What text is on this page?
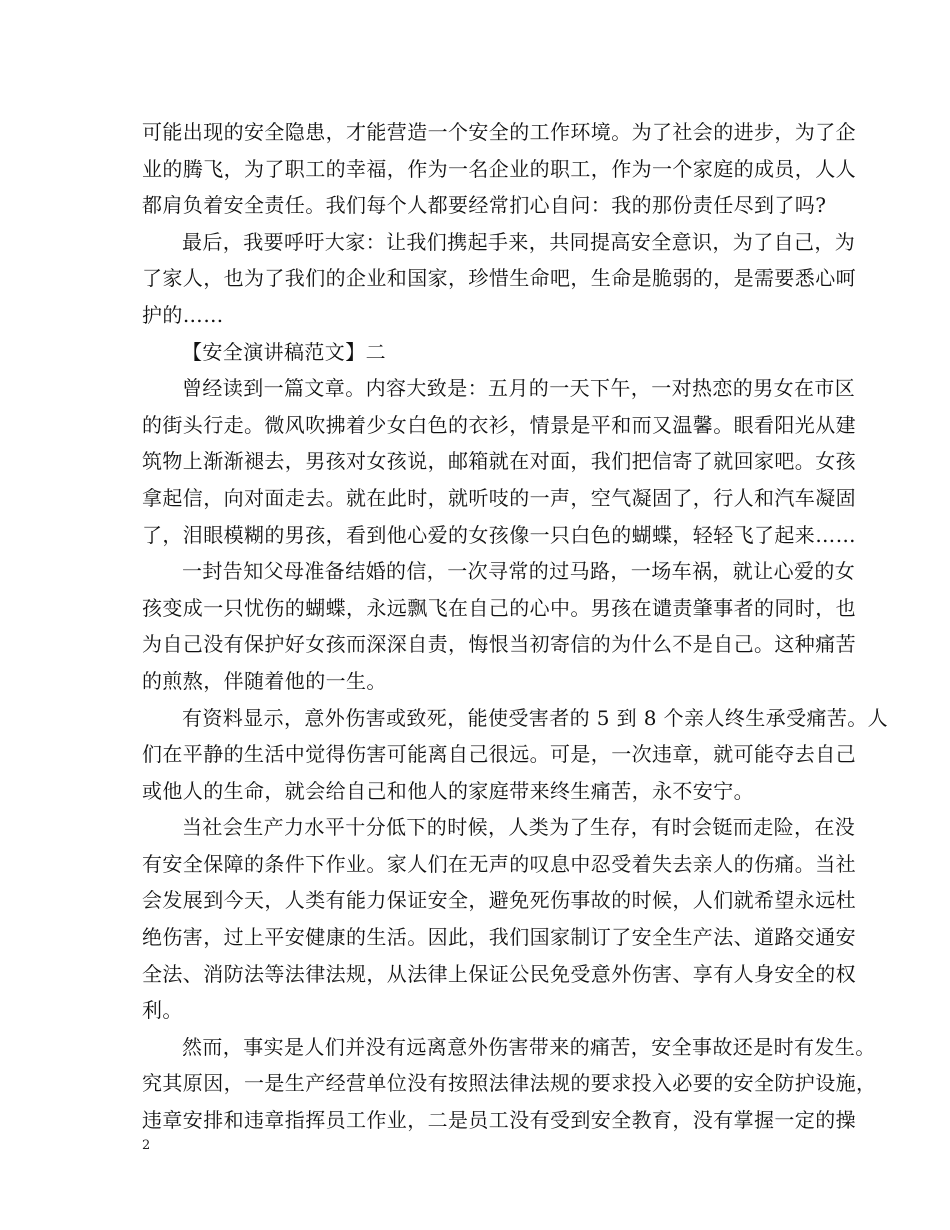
可能出现的安全隐患，才能营造一个安全的工作环境。为了社会的进步，为了企
业的腾飞，为了职工的幸福，作为一名企业的职工，作为一个家庭的成员，人人
都肩负着安全责任。我们每个人都要经常扪心自问：我的那份责任尽到了吗?

最后，我要呼吁大家：让我们携起手来，共同提高安全意识，为了自己，为
了家人，也为了我们的企业和国家，珍惜生命吧，生命是脆弱的，是需要悉心呵
护的……

【安全演讲稿范文】二

曾经读到一篇文章。内容大致是：五月的一天下午，一对热恋的男女在市区
的街头行走。微风吹拂着少女白色的衣衫，情景是平和而又温馨。眼看阳光从建
筑物上渐渐褪去，男孩对女孩说，邮箱就在对面，我们把信寄了就回家吧。女孩
拿起信，向对面走去。就在此时，就听吱的一声，空气凝固了，行人和汽车凝固
了，泪眼模糊的男孩，看到他心爱的女孩像一只白色的蝴蝶，轻轻飞了起来……

一封告知父母准备结婚的信，一次寻常的过马路，一场车祸，就让心爱的女
孩变成一只忧伤的蝴蝶，永远飘飞在自己的心中。男孩在谴责肇事者的同时，也
为自己没有保护好女孩而深深自责，悔恨当初寄信的为什么不是自己。这种痛苦
的煎熬，伴随着他的一生。

有资料显示，意外伤害或致死，能使受害者的 5 到 8 个亲人终生承受痛苦。人
们在平静的生活中觉得伤害可能离自己很远。可是，一次违章，就可能夺去自己
或他人的生命，就会给自己和他人的家庭带来终生痛苦，永不安宁。

当社会生产力水平十分低下的时候，人类为了生存，有时会铤而走险，在没
有安全保障的条件下作业。家人们在无声的叹息中忍受着失去亲人的伤痛。当社
会发展到今天，人类有能力保证安全，避免死伤事故的时候，人们就希望永远杜
绝伤害，过上平安健康的生活。因此，我们国家制订了安全生产法、道路交通安
全法、消防法等法律法规，从法律上保证公民免受意外伤害、享有人身安全的权
利。

然而，事实是人们并没有远离意外伤害带来的痛苦，安全事故还是时有发生。
究其原因，一是生产经营单位没有按照法律法规的要求投入必要的安全防护设施，
违章安排和违章指挥员工作业，二是员工没有受到安全教育，没有掌握一定的操

2
